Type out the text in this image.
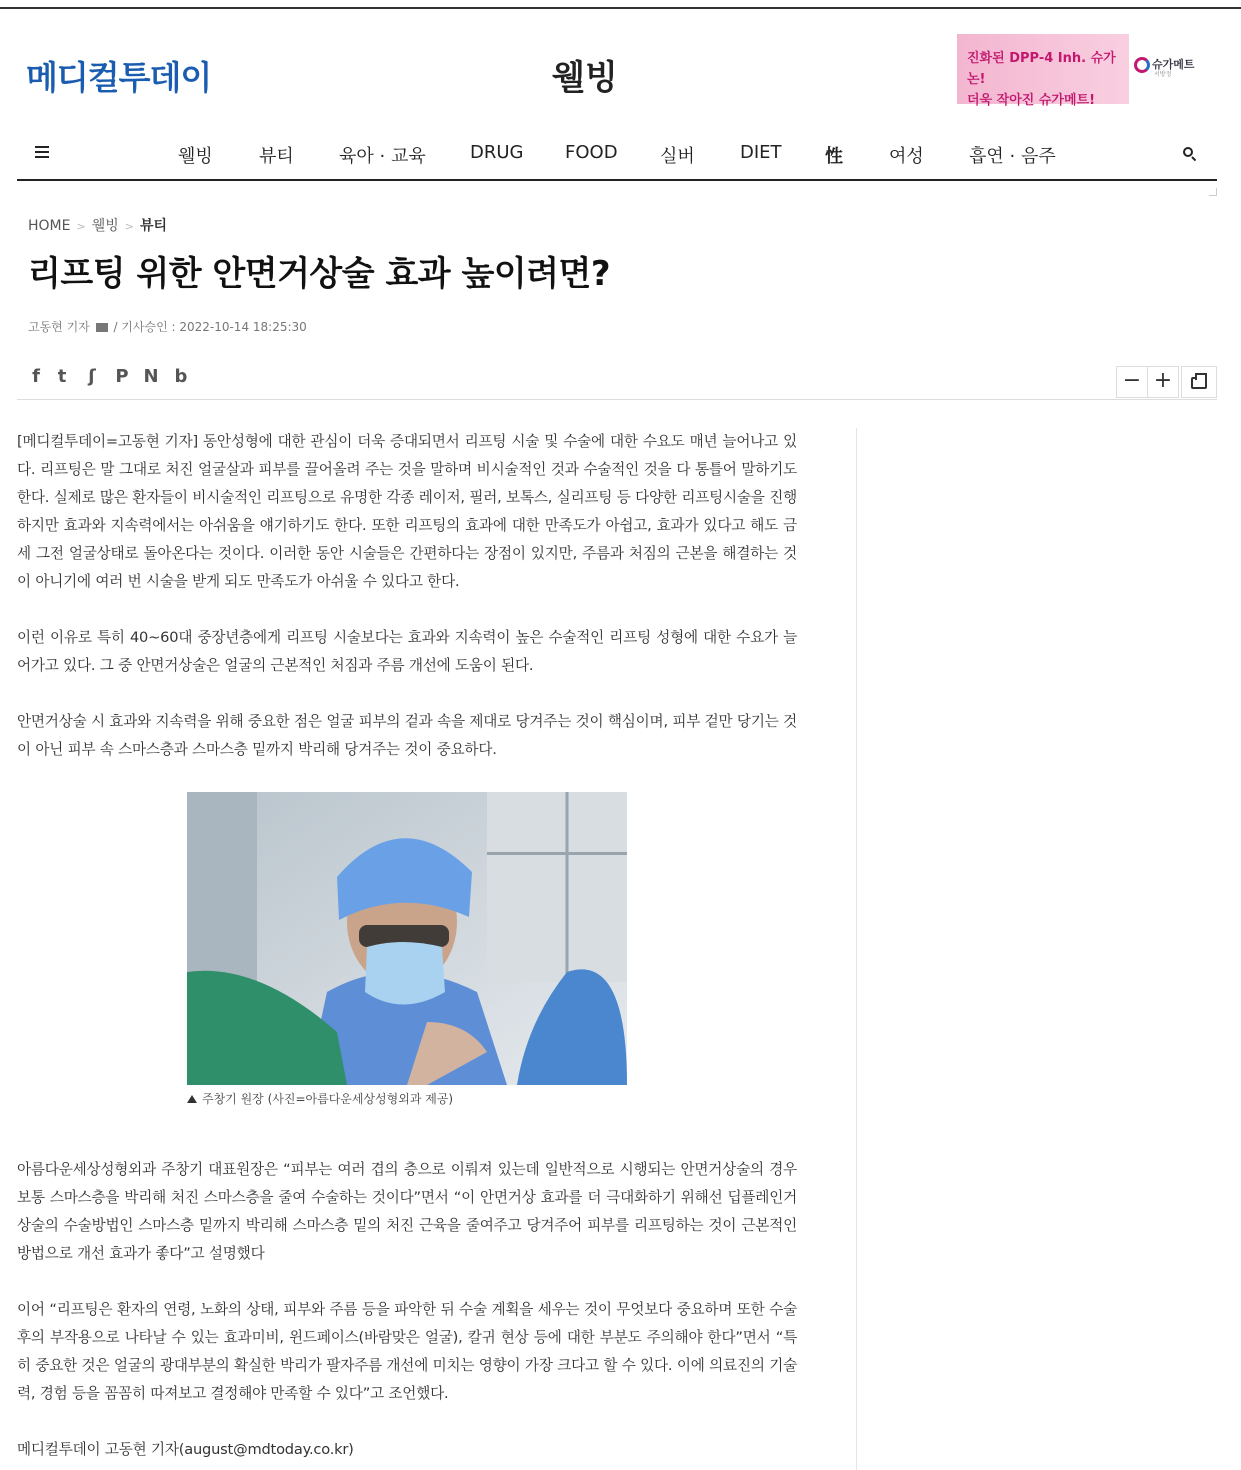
메디컬투데이	웰빙	진화된 DPP-4 Inh. 슈가논!
더욱 작아진 슈가메트!
슈가메트
서방정
웰빙	뷰티	육아 · 교육 DRUG FOOD 실버	DIET 性	여성	흡연 · 음주
HOME > 웰빙 > 뷰티
리프팅 위한 안면거상술 효과 높이려면?
고동현 기자 / 기사승인 : 2022-10-14 18:25:30
f t	ʃ	P N b	− +

[메디컬투데이=고동현 기자] 동안성형에 대한 관심이 더욱 증대되면서 리프팅 시술 및 수술에 대한 수요도 매년 늘어나고 있다. 리프팅은 말 그대로 처진 얼굴살과 피부를 끌어올려 주는 것을 말하며 비시술적인 것과 수술적인 것을 다 통틀어 말하기도 한다. 실제로 많은 환자들이 비시술적인 리프팅으로 유명한 각종 레이저, 필러, 보톡스, 실리프팅 등 다양한 리프팅시술을 진행하지만 효과와 지속력에서는 아쉬움을 얘기하기도 한다. 또한 리프팅의 효과에 대한 만족도가 아쉽고, 효과가 있다고 해도 금세 그전 얼굴상태로 돌아온다는 것이다. 이러한 동안 시술들은 간편하다는 장점이 있지만, 주름과 처짐의 근본을 해결하는 것이 아니기에 여러 번 시술을 받게 되도 만족도가 아쉬울 수 있다고 한다.

이런 이유로 특히 40~60대 중장년층에게 리프팅 시술보다는 효과와 지속력이 높은 수술적인 리프팅 성형에 대한 수요가 늘어가고 있다. 그 중 안면거상술은 얼굴의 근본적인 처짐과 주름 개선에 도움이 된다.

안면거상술 시 효과와 지속력을 위해 중요한 점은 얼굴 피부의 겉과 속을 제대로 당겨주는 것이 핵심이며, 피부 겉만 당기는 것이 아닌 피부 속 스마스층과 스마스층 밑까지 박리해 당겨주는 것이 중요하다.

주창기 원장 (사진=아름다운세상성형외과 제공)

아름다운세상성형외과 주창기 대표원장은 “피부는 여러 겹의 층으로 이뤄져 있는데 일반적으로 시행되는 안면거상술의 경우 보통 스마스층을 박리해 처진 스마스층을 줄여 수술하는 것이다”면서 “이 안면거상 효과를 더 극대화하기 위해선 딥플레인거상술의 수술방법인 스마스층 밑까지 박리해 스마스층 밑의 처진 근육을 줄여주고 당겨주어 피부를 리프팅하는 것이 근본적인 방법으로 개선 효과가 좋다”고 설명했다

이어 “리프팅은 환자의 연령, 노화의 상태, 피부와 주름 등을 파악한 뒤 수술 계획을 세우는 것이 무엇보다 중요하며 또한 수술 후의 부작용으로 나타날 수 있는 효과미비, 윈드페이스(바람맞은 얼굴), 칼귀 현상 등에 대한 부분도 주의해야 한다”면서 “특히 중요한 것은 얼굴의 광대부분의 확실한 박리가 팔자주름 개선에 미치는 영향이 가장 크다고 할 수 있다. 이에 의료진의 기술력, 경험 등을 꼼꼼히 따져보고 결정해야 만족할 수 있다”고 조언했다.

메디컬투데이 고동현 기자(august@mdtoday.co.kr)
